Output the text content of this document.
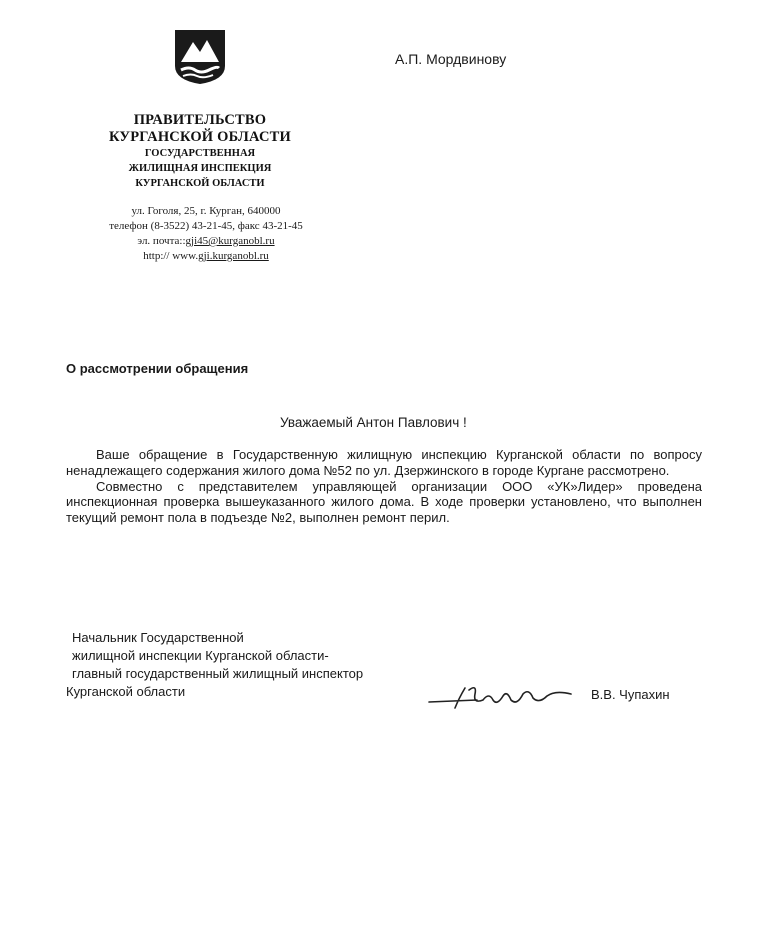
А.П. Мордвинову
ПРАВИТЕЛЬСТВО
КУРГАНСКОЙ ОБЛАСТИ
ГОСУДАРСТВЕННАЯ
ЖИЛИЩНАЯ ИНСПЕКЦИЯ
КУРГАНСКОЙ ОБЛАСТИ
ул. Гоголя, 25, г. Курган, 640000
телефон (8-3522) 43-21-45, факс 43-21-45
эл. почта::gji45@kurganobl.ru
http:// www.gji.kurganobl.ru
О рассмотрении обращения
Уважаемый Антон Павлович !

Ваше обращение в Государственную жилищную инспекцию Курганской области по вопросу ненадлежащего содержания жилого дома №52 по ул. Дзержинского в городе Кургане рассмотрено.

Совместно с представителем управляющей организации ООО «УК»Лидер» проведена инспекционная проверка вышеуказанного жилого дома. В ходе проверки установлено, что выполнен текущий ремонт пола в подъезде №2, выполнен ремонт перил.

Начальник Государственной
жилищной инспекции Курганской области-
главный государственный жилищный инспектор
Курганской области	В.В. Чупахин
